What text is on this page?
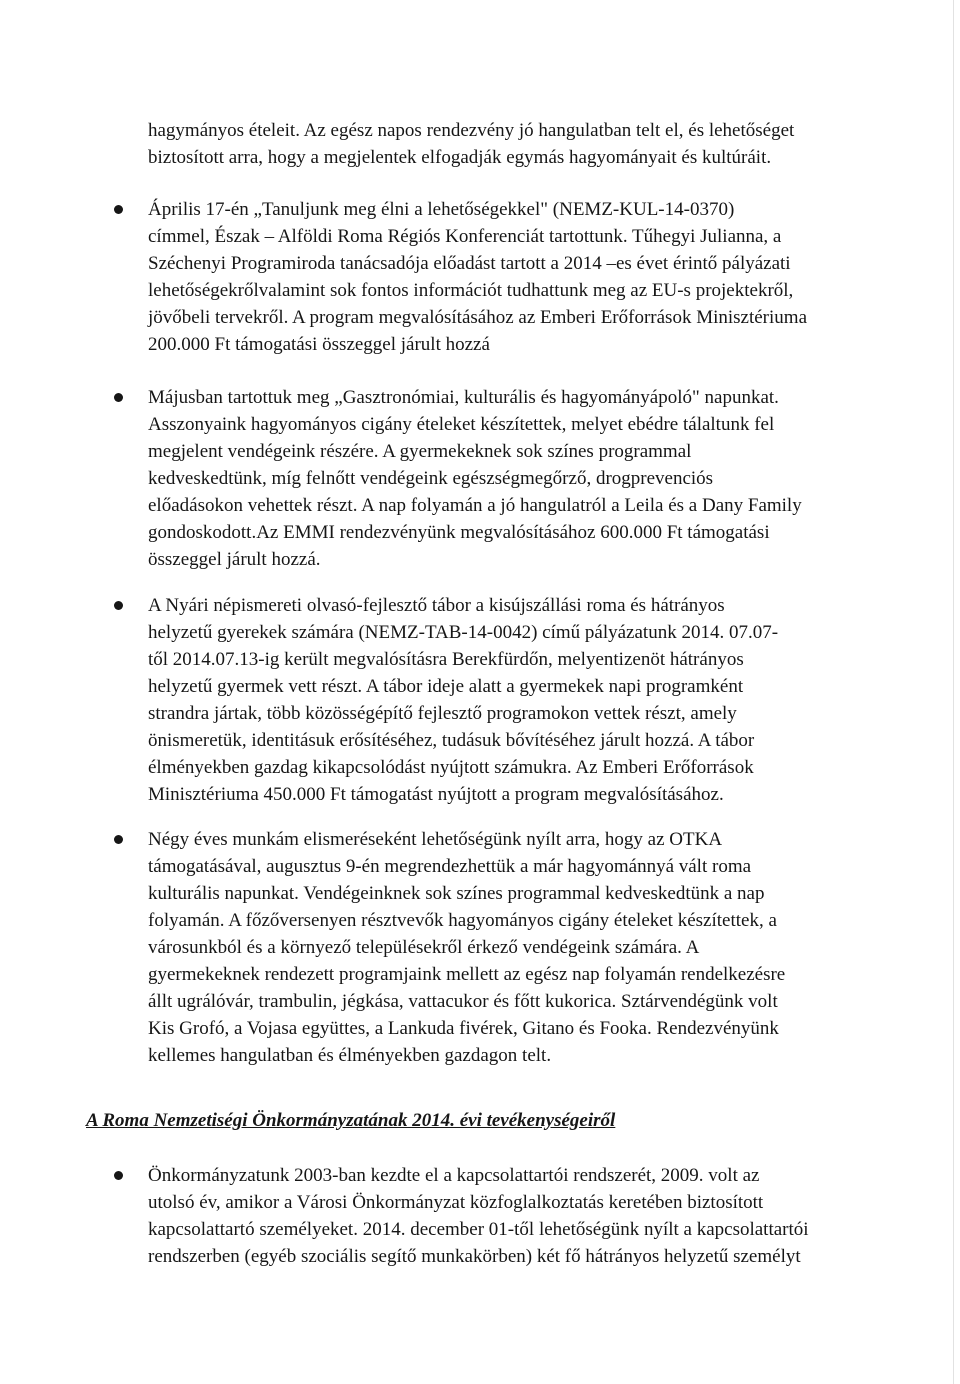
hagymányos ételeit. Az egész napos rendezvény jó hangulatban telt el, és lehetőséget
biztosított arra, hogy a megjelentek elfogadják egymás hagyományait és kultúráit.

Április 17-én „Tanuljunk meg élni a lehetőségekkel" (NEMZ-KUL-14-0370)
címmel, Észak – Alföldi Roma Régiós Konferenciát tartottunk. Tűhegyi Julianna, a
Széchenyi Programiroda tanácsadója előadást tartott a 2014 –es évet érintő pályázati
lehetőségekrőlvalamint sok fontos információt tudhattunk meg az EU-s projektekről,
jövőbeli tervekről. A program megvalósításához az Emberi Erőforrások Minisztériuma
200.000 Ft támogatási összeggel járult hozzá

Májusban tartottuk meg „Gasztronómiai, kulturális és hagyományápoló" napunkat.
Asszonyaink hagyományos cigány ételeket készítettek, melyet ebédre tálaltunk fel
megjelent vendégeink részére. A gyermekeknek sok színes programmal
kedveskedtünk, míg felnőtt vendégeink egészségmegőrző, drogprevenciós
előadásokon vehettek részt. A nap folyamán a jó hangulatról a Leila és a Dany Family
gondoskodott.Az EMMI rendezvényünk megvalósításához 600.000 Ft támogatási
összeggel járult hozzá.

A Nyári népismereti olvasó-fejlesztő tábor a kisújszállási roma és hátrányos
helyzetű gyerekek számára (NEMZ-TAB-14-0042) című pályázatunk 2014. 07.07-
től 2014.07.13-ig került megvalósításra Berekfürdőn, melyentizenöt hátrányos
helyzetű gyermek vett részt. A tábor ideje alatt a gyermekek napi programként
strandra jártak, több közösségépítő fejlesztő programokon vettek részt, amely
önismeretük, identitásuk erősítéséhez, tudásuk bővítéséhez járult hozzá. A tábor
élményekben gazdag kikapcsolódást nyújtott számukra. Az Emberi Erőforrások
Minisztériuma 450.000 Ft támogatást nyújtott a program megvalósításához.

Négy éves munkám elismeréseként lehetőségünk nyílt arra, hogy az OTKA
támogatásával, augusztus 9-én megrendezhettük a már hagyománnyá vált roma
kulturális napunkat. Vendégeinknek sok színes programmal kedveskedtünk a nap
folyamán. A főzőversenyen résztvevők hagyományos cigány ételeket készítettek, a
városunkból és a környező településekről érkező vendégeink számára. A
gyermekeknek rendezett programjaink mellett az egész nap folyamán rendelkezésre
állt ugrálóvár, trambulin, jégkása, vattacukor és főtt kukorica. Sztárvendégünk volt
Kis Grofó, a Vojasa együttes, a Lankuda fivérek, Gitano és Fooka. Rendezvényünk
kellemes hangulatban és élményekben gazdagon telt.

A Roma Nemzetiségi Önkormányzatának 2014. évi tevékenységeiről

Önkormányzatunk 2003-ban kezdte el a kapcsolattartói rendszerét, 2009. volt az
utolsó év, amikor a Városi Önkormányzat közfoglalkoztatás keretében biztosított
kapcsolattartó személyeket. 2014. december 01-től lehetőségünk nyílt a kapcsolattartói
rendszerben (egyéb szociális segítő munkakörben) két fő hátrányos helyzetű személyt
